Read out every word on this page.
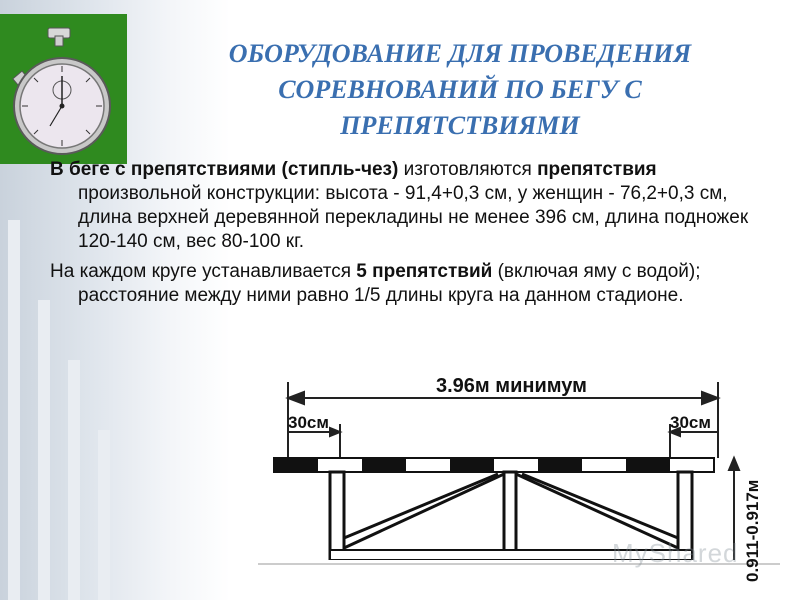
ОБОРУДОВАНИЕ ДЛЯ ПРОВЕДЕНИЯ
СОРЕВНОВАНИЙ ПО БЕГУ С
ПРЕПЯТСТВИЯМИ

В беге с препятствиями (стипль-чез) изготовляются препятствия произвольной конструкции: высота - 91,4+0,3 см, у женщин - 76,2+0,3 см, длина верхней деревянной перекладины не менее 396 см, длина подножек 120-140 см, вес 80-100 кг.

На каждом круге устанавливается 5 препятствий (включая яму с водой); расстояние между ними равно 1/5 длины круга на данном стадионе.

3.96м минимум
30см	30см
0.911-0.917м
MyShared
